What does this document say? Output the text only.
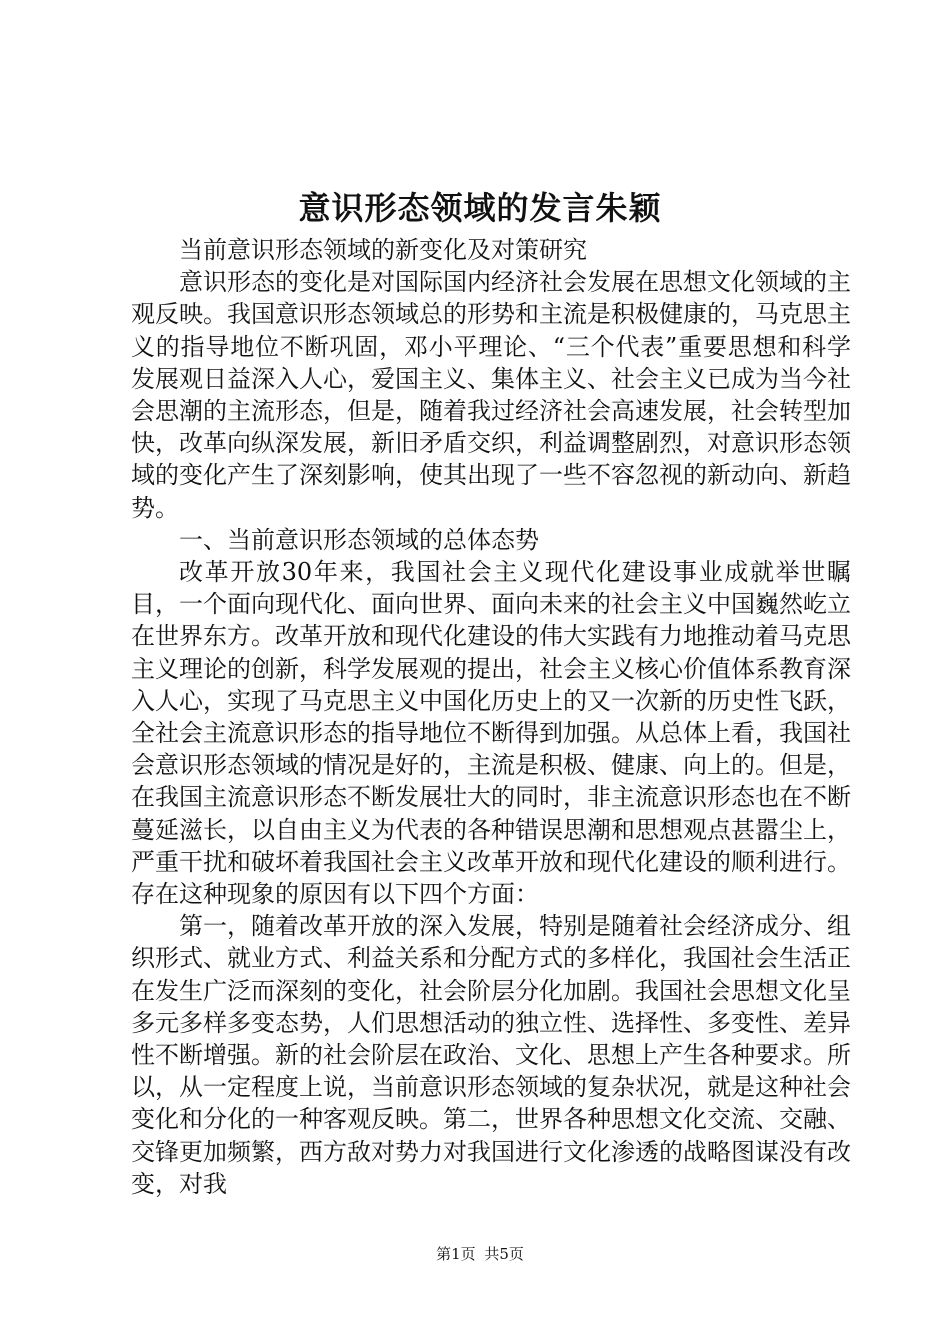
意识形态领域的发言朱颖

当前意识形态领域的新变化及对策研究

意识形态的变化是对国际国内经济社会发展在思想文化领域的主观反映。我国意识形态领域总的形势和主流是积极健康的，马克思主义的指导地位不断巩固，邓小平理论、“三个代表”重要思想和科学发展观日益深入人心，爱国主义、集体主义、社会主义已成为当今社会思潮的主流形态，但是，随着我过经济社会高速发展，社会转型加快，改革向纵深发展，新旧矛盾交织，利益调整剧烈，对意识形态领域的变化产生了深刻影响，使其出现了一些不容忽视的新动向、新趋势。

一、当前意识形态领域的总体态势

改革开放30年来，我国社会主义现代化建设事业成就举世瞩目，一个面向现代化、面向世界、面向未来的社会主义中国巍然屹立在世界东方。改革开放和现代化建设的伟大实践有力地推动着马克思主义理论的创新，科学发展观的提出，社会主义核心价值体系教育深入人心，实现了马克思主义中国化历史上的又一次新的历史性飞跃，全社会主流意识形态的指导地位不断得到加强。从总体上看，我国社会意识形态领域的情况是好的，主流是积极、健康、向上的。但是，在我国主流意识形态不断发展壮大的同时，非主流意识形态也在不断蔓延滋长，以自由主义为代表的各种错误思潮和思想观点甚嚣尘上，严重干扰和破坏着我国社会主义改革开放和现代化建设的顺利进行。存在这种现象的原因有以下四个方面：

第一，随着改革开放的深入发展，特别是随着社会经济成分、组织形式、就业方式、利益关系和分配方式的多样化，我国社会生活正在发生广泛而深刻的变化，社会阶层分化加剧。我国社会思想文化呈多元多样多变态势，人们思想活动的独立性、选择性、多变性、差异性不断增强。新的社会阶层在政治、文化、思想上产生各种要求。所以，从一定程度上说，当前意识形态领域的复杂状况，就是这种社会变化和分化的一种客观反映。第二，世界各种思想文化交流、交融、交锋更加频繁，西方敌对势力对我国进行文化渗透的战略图谋没有改变，对我

第1页 共5页
